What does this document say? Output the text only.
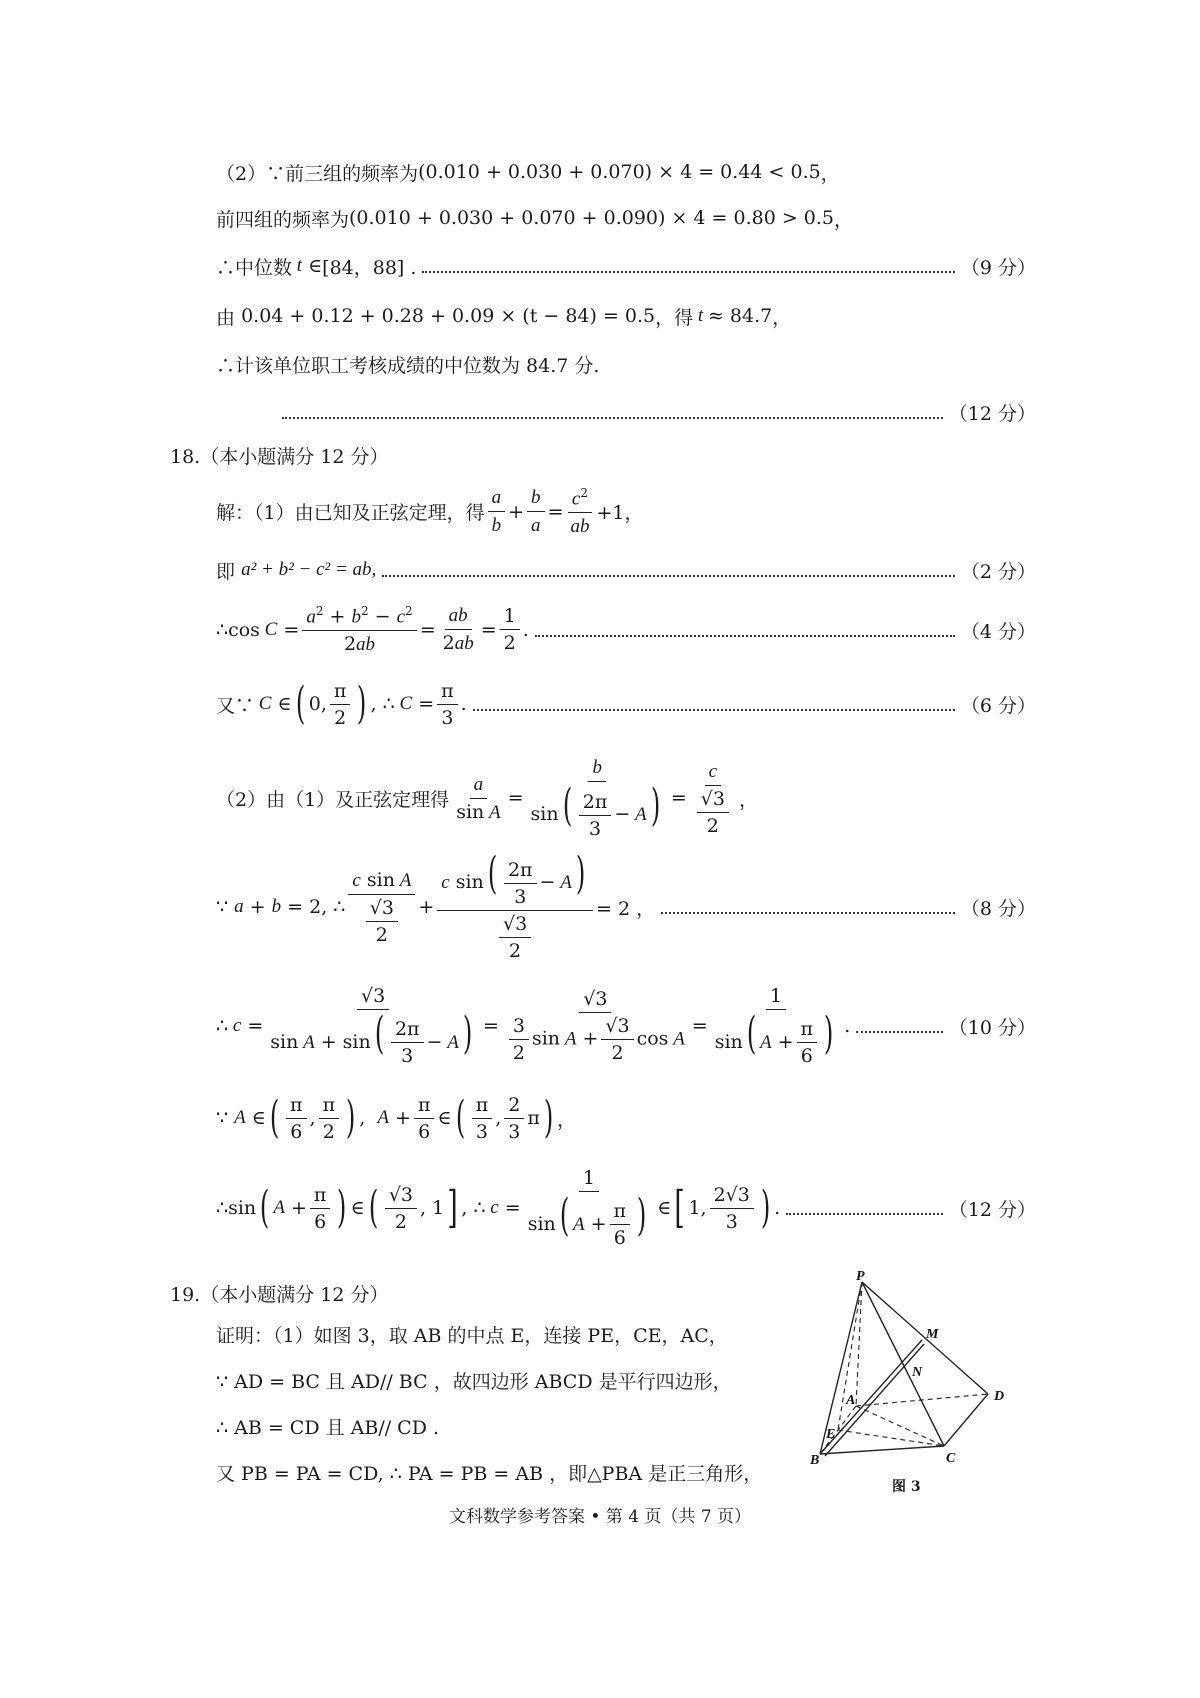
（2）∵前三组的频率为 (0.010 + 0.030 + 0.070) × 4 = 0.44 < 0.5 ，
前四组的频率为 (0.010 + 0.030 + 0.070 + 0.090) × 4 = 0.80 > 0.5 ，
∴中位数 t ∈ [84，88] .	（9 分）
由
0.04 + 0.12 + 0.28 + 0.09 × (t − 84) = 0.5 ，得 t ≈ 84.7 ，
∴计该单位职工考核成绩的中位数为 84.7 分.
（12 分）
18.（本小题满分 12 分）
解：（1）由已知及正弦定理，得 $\frac{a}{b} + \frac{b}{a} = \frac{c^2}{ab} +1$，
即
a² + b² − c² = ab,	（2 分）
∴cos $C = \frac{a^2 + b^2 - c^2}{2ab} = \frac{ab}{2ab} = \frac{1}{2}$ .	（4 分）
又∵ C ∈ ( 0, $\frac{\pi}{2}$ ) , ∴ $C = \frac{\pi}{3}$ .	（6 分）
（2）由（1）及正弦定理得 $\frac{a}{\text{sin A}} = \frac{b}{\sin( \frac{2\pi}{3} - A)} = \frac{c}{\frac{√3}{2}}$ ，
∵
a + b = 2, ∴ $\frac{\text{c sin A}}{\frac{√3}{2}} + \frac{c \sin( \frac{2\pi}{3} - A)}{\frac{√3}{2}} = 2$ ，	（8 分）
∴ $c = \frac{√3}{\sin A + \sin( \frac{2\pi}{3} - A)} = \frac{√3}{\frac{3}{2} \sin A + \frac{√3}{2} \cos A} = \frac{1}{\sin( A + \frac{\pi}{6} )}$ .	（10 分）
∵ A ∈ ( $\frac{\pi}{6}$ , $\frac{\pi}{2}$ ) , $A + \frac{\pi}{6}$ ∈ ( $\frac{\pi}{3}$ , $\frac{2}{3}$ π ) ，
∴sin ( $A + \frac{\pi}{6}$ ) ∈ ( $\frac{√3}{2}$ , 1 ] , ∴ $c = \frac{1}{\sin( A + \frac{\pi}{6} )}$ ∈ [ 1, $\frac{2√3}{3}$ ) .	（12 分）
19.（本小题满分 12 分）
证明：（1）如图 3，取 AB 的中点 E，连接 PE，CE，AC，
∵ AD = BC 且 AD// BC ，故四边形 ABCD 是平行四边形，
∴ AB = CD 且 AB// CD .
又 PB = PA = CD, ∴ PA = PB = AB ，即△PBA 是正三角形，
P
M
N
A	D
E
B	C
图 3
文科数学参考答案 • 第 4 页（共 7 页）
